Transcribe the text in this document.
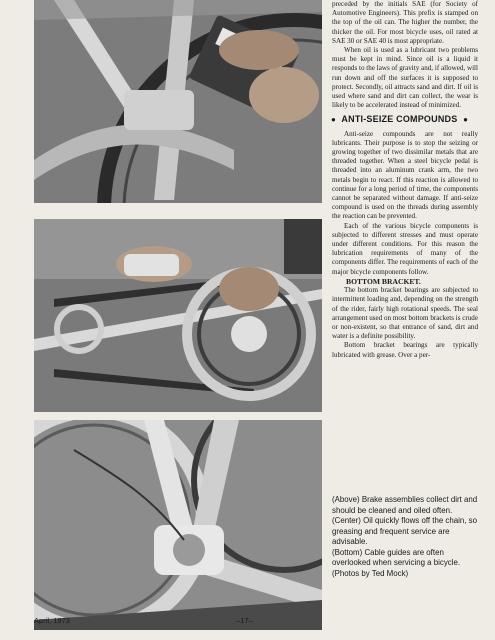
preceded by the initials SAE (for Society of Automotive Engineers). This prefix is stamped on the top of the oil can. The higher the number, the thicker the oil. For most bicycle uses, oil rated at SAE 30 or SAE 40 is most appropriate.

When oil is used as a lubricant two problems must be kept in mind. Since oil is a liquid it responds to the laws of gravity and, if allowed, will run down and off the surfaces it is supposed to protect. Secondly, oil attracts sand and dirt. If oil is used where sand and dirt can collect, the wear is likely to be accelerated instead of minimized.

● ANTI-SEIZE COMPOUNDS ●

Anti-seize compounds are not really lubricants. Their purpose is to stop the seizing or growing together of two dissimilar metals that are threaded together. When a steel bicycle pedal is threaded into an aluminum crank arm, the two metals begin to react. If this reaction is allowed to continue for a long period of time, the components cannot be separated without damage. If anti-seize compound is used on the threads during assembly the reaction can be prevented.

Each of the various bicycle components is subjected to different stresses and must operate under different conditions. For this reason the lubrication requirements of many of the components differ. The requirements of each of the major bicycle components follow.

BOTTOM BRACKET.

The bottom bracket bearings are subjected to intermittent loading and, depending on the strength of the rider, fairly high rotational speeds. The seal arrangement used on most bottom brackets is crude or non-existent, so that entrance of sand, dirt and water is a definite possibility.

Bottom bracket bearings are typically lubricated with grease. Over a per-

(Above) Brake assemblies collect dirt and should be cleaned and oiled often.

(Center) Oil quickly flows off the chain, so greasing and frequent service are advisable.

(Bottom) Cable guides are often overlooked when servicing a bicycle.

(Photos by Ted Mock)

April, 1973	–17–
